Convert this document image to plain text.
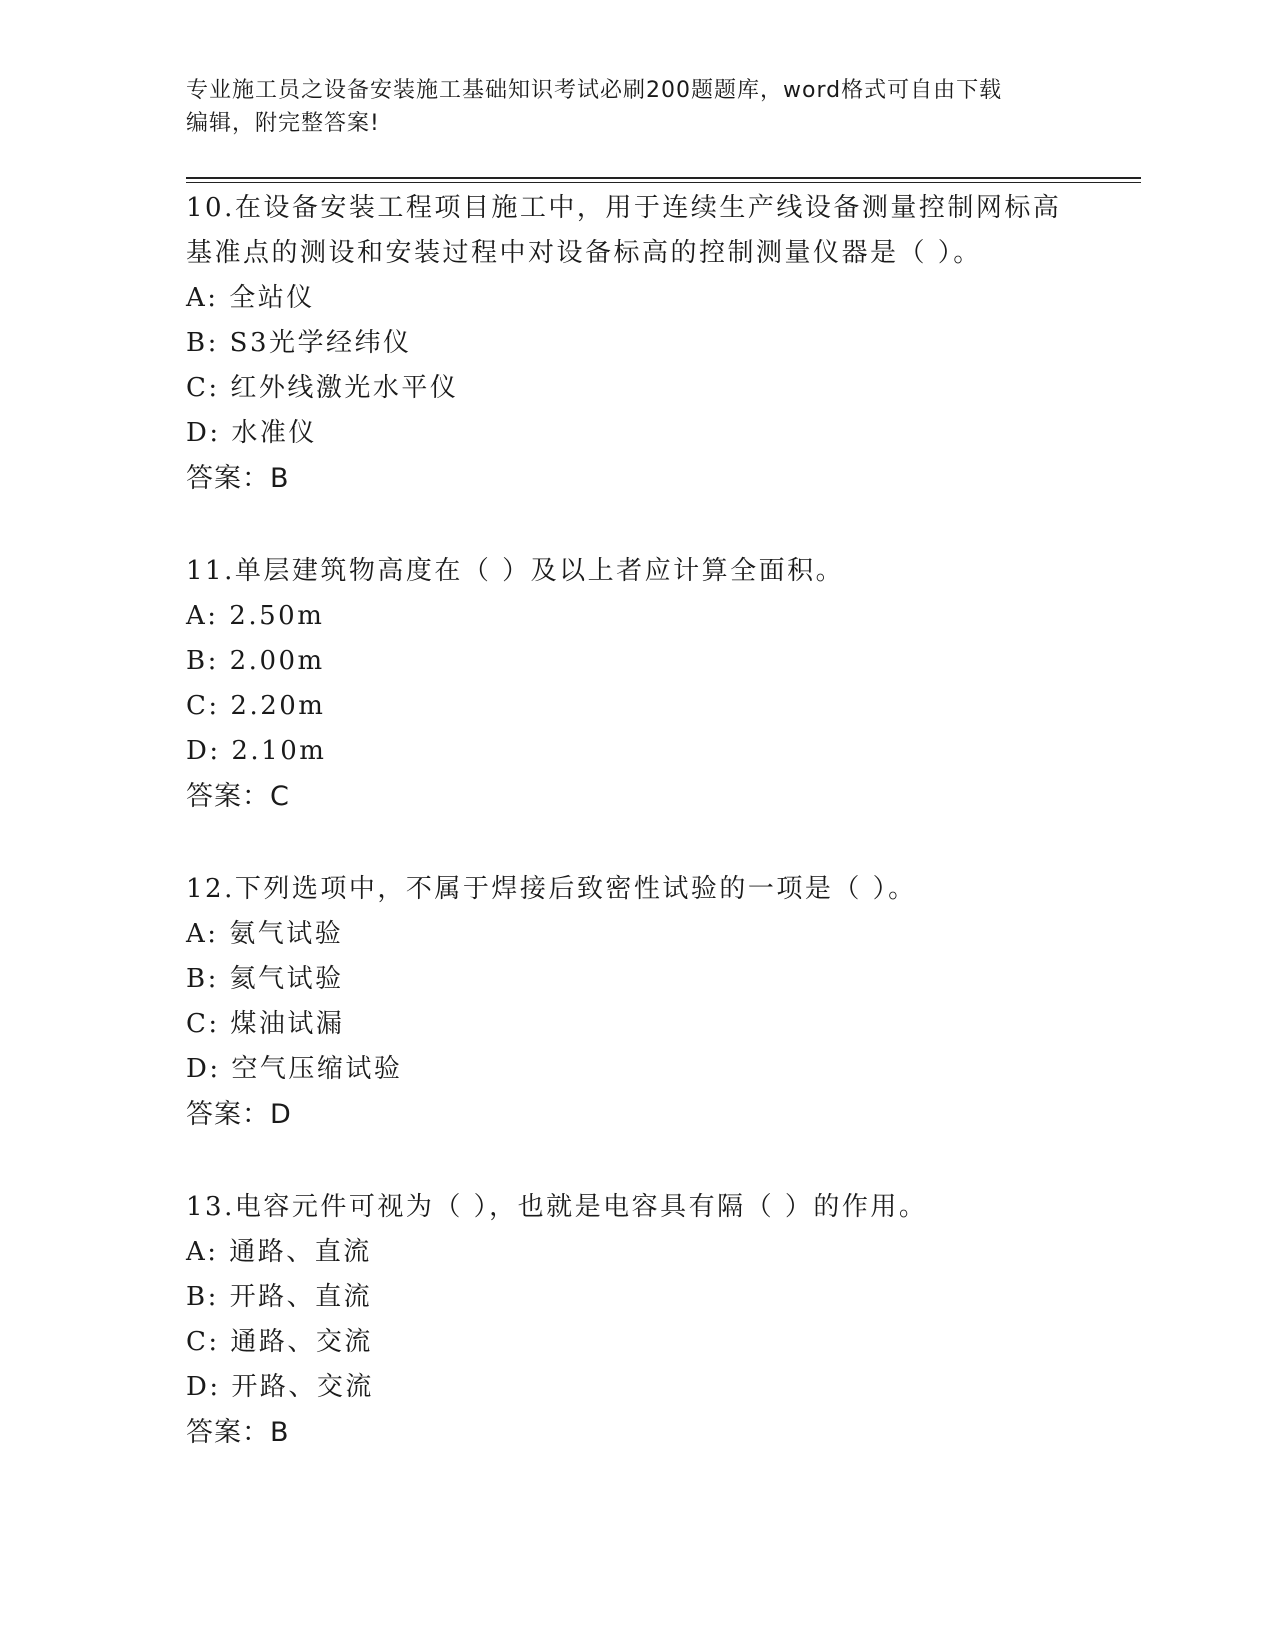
专业施工员之设备安装施工基础知识考试必刷200题题库，word格式可自由下载
编辑，附完整答案!
10.在设备安装工程项目施工中，用于连续生产线设备测量控制网标高
基准点的测设和安装过程中对设备标高的控制测量仪器是（ ）。
A: 全站仪
B: S3光学经纬仪
C: 红外线激光水平仪
D: 水准仪
答案：B
11.单层建筑物高度在（ ）及以上者应计算全面积。
A: 2.50m
B: 2.00m
C: 2.20m
D: 2.10m
答案：C
12.下列选项中，不属于焊接后致密性试验的一项是（ ）。
A: 氨气试验
B: 氦气试验
C: 煤油试漏
D: 空气压缩试验
答案：D
13.电容元件可视为（ ），也就是电容具有隔（ ）的作用。
A: 通路、直流
B: 开路、直流
C: 通路、交流
D: 开路、交流
答案：B
